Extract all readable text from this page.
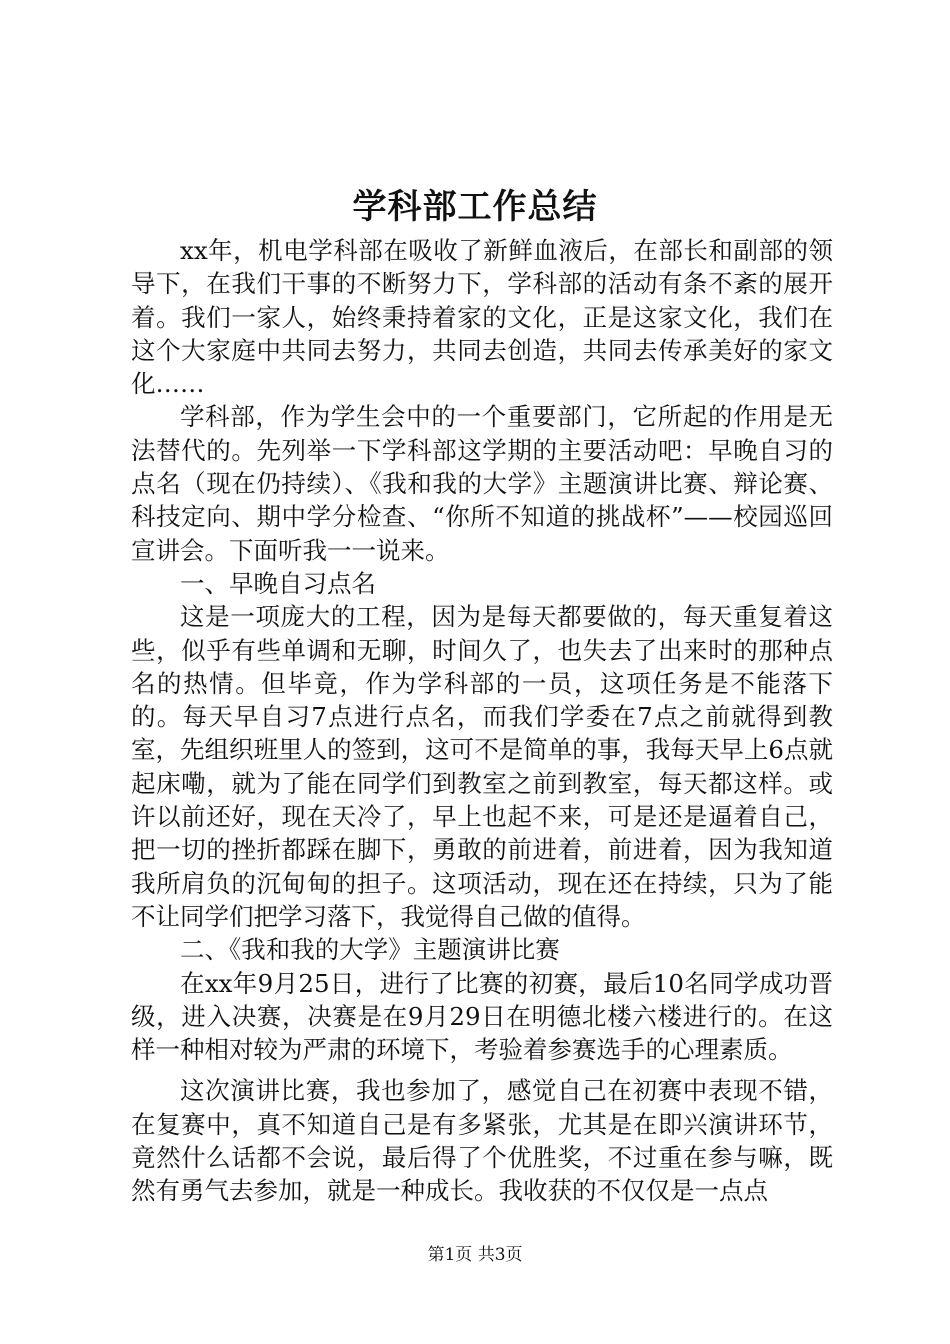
学科部工作总结

xx年，机电学科部在吸收了新鲜血液后，在部长和副部的领导下，在我们干事的不断努力下，学科部的活动有条不紊的展开着。我们一家人，始终秉持着家的文化，正是这家文化，我们在这个大家庭中共同去努力，共同去创造，共同去传承美好的家文化……

学科部，作为学生会中的一个重要部门，它所起的作用是无法替代的。先列举一下学科部这学期的主要活动吧：早晚自习的点名（现在仍持续）、《我和我的大学》主题演讲比赛、辩论赛、科技定向、期中学分检查、“你所不知道的挑战杯”——校园巡回宣讲会。下面听我一一说来。

一、早晚自习点名

这是一项庞大的工程，因为是每天都要做的，每天重复着这些，似乎有些单调和无聊，时间久了，也失去了出来时的那种点名的热情。但毕竟，作为学科部的一员，这项任务是不能落下的。每天早自习7点进行点名，而我们学委在7点之前就得到教室，先组织班里人的签到，这可不是简单的事，我每天早上6点就起床嘞，就为了能在同学们到教室之前到教室，每天都这样。或许以前还好，现在天冷了，早上也起不来，可是还是逼着自己，把一切的挫折都踩在脚下，勇敢的前进着，前进着，因为我知道我所肩负的沉甸甸的担子。这项活动，现在还在持续，只为了能不让同学们把学习落下，我觉得自己做的值得。

二、《我和我的大学》主题演讲比赛

在xx年9月25日，进行了比赛的初赛，最后10名同学成功晋级，进入决赛，决赛是在9月29日在明德北楼六楼进行的。在这样一种相对较为严肃的环境下，考验着参赛选手的心理素质。

这次演讲比赛，我也参加了，感觉自己在初赛中表现不错，在复赛中，真不知道自己是有多紧张，尤其是在即兴演讲环节，竟然什么话都不会说，最后得了个优胜奖，不过重在参与嘛，既然有勇气去参加，就是一种成长。我收获的不仅仅是一点点

第1页 共3页
